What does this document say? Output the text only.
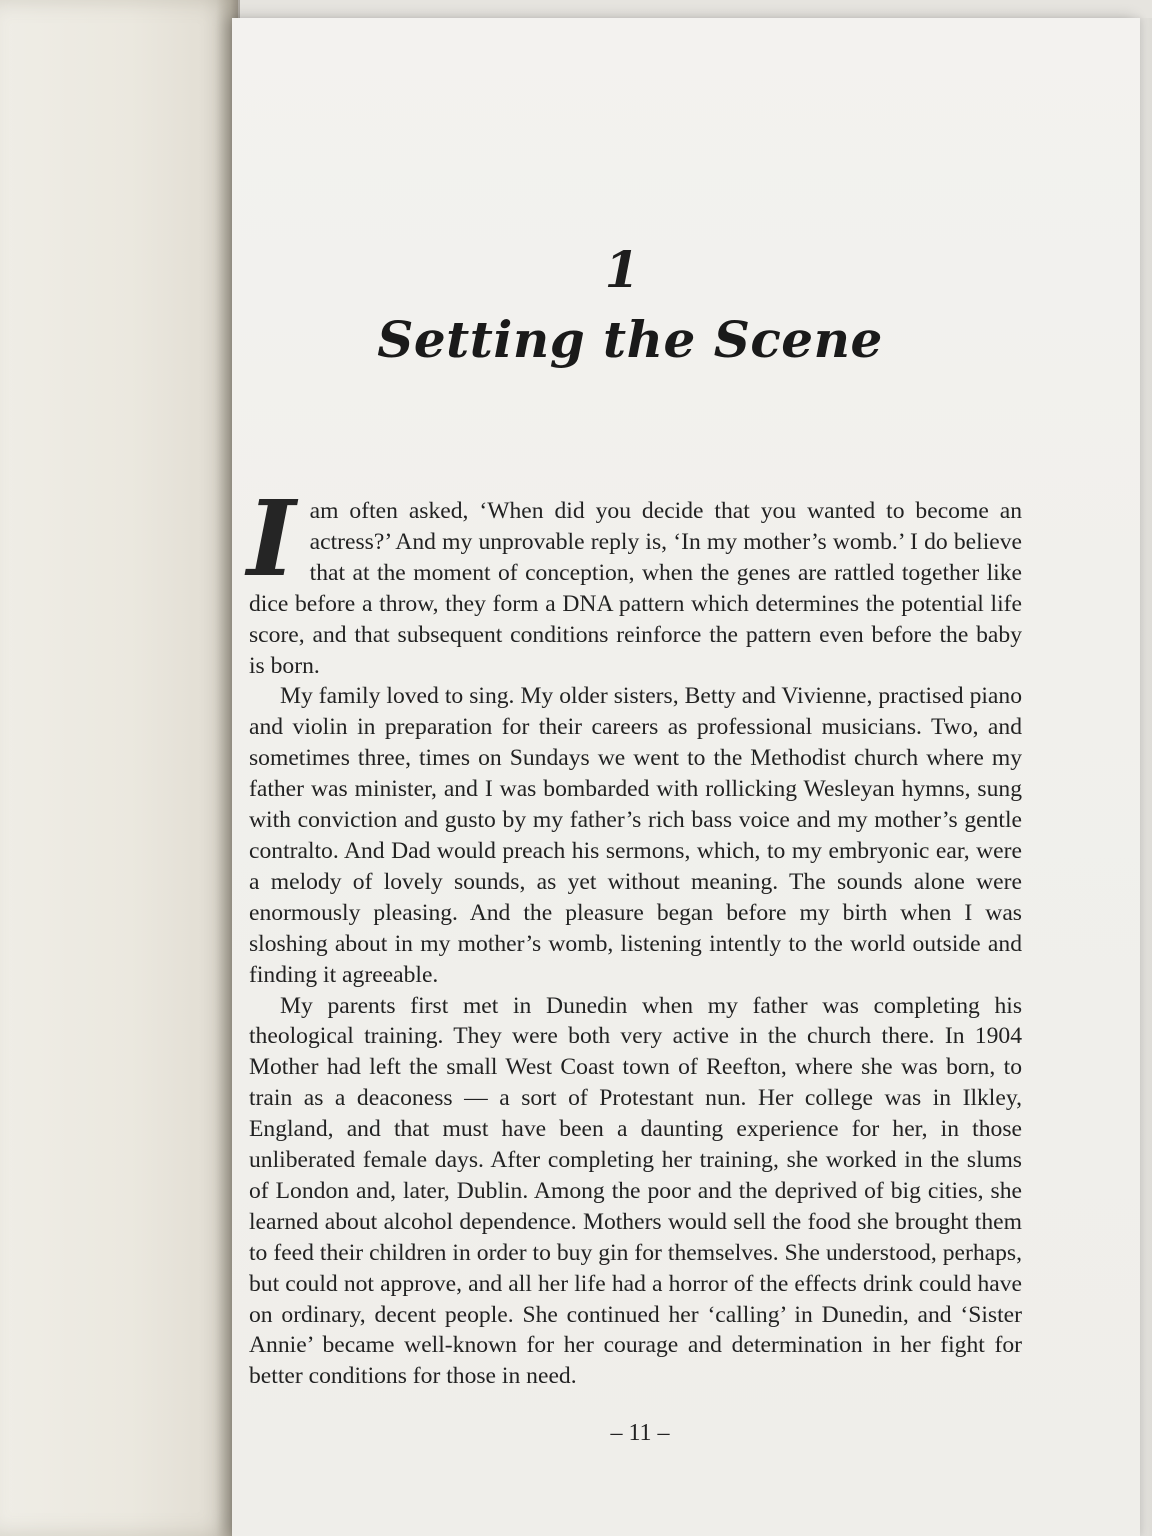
1
Setting the Scene

Iam often asked, ‘When did you decide that you wanted to become an actress?’ And my unprovable reply is, ‘In my mother’s womb.’ I do believe that at the moment of conception, when the genes are rattled together like dice before a throw, they form a DNA pattern which determines the potential life score, and that subsequent conditions reinforce the pattern even before the baby is born.

My family loved to sing. My older sisters, Betty and Vivienne, practised piano and violin in preparation for their careers as professional musicians. Two, and sometimes three, times on Sundays we went to the Methodist church where my father was minister, and I was bombarded with rollicking Wesleyan hymns, sung with conviction and gusto by my father’s rich bass voice and my mother’s gentle contralto. And Dad would preach his sermons, which, to my embryonic ear, were a melody of lovely sounds, as yet without meaning. The sounds alone were enormously pleasing. And the pleasure began before my birth when I was sloshing about in my mother’s womb, listening intently to the world outside and finding it agreeable.

My parents first met in Dunedin when my father was completing his theological training. They were both very active in the church there. In 1904 Mother had left the small West Coast town of Reefton, where she was born, to train as a deaconess — a sort of Protestant nun. Her college was in Ilkley, England, and that must have been a daunting experience for her, in those unliberated female days. After completing her training, she worked in the slums of London and, later, Dublin. Among the poor and the deprived of big cities, she learned about alcohol dependence. Mothers would sell the food she brought them to feed their children in order to buy gin for themselves. She understood, perhaps, but could not approve, and all her life had a horror of the effects drink could have on ordinary, decent people. She continued her ‘calling’ in Dunedin, and ‘Sister Annie’ became well-known for her courage and determination in her fight for better conditions for those in need.

– 11 –
